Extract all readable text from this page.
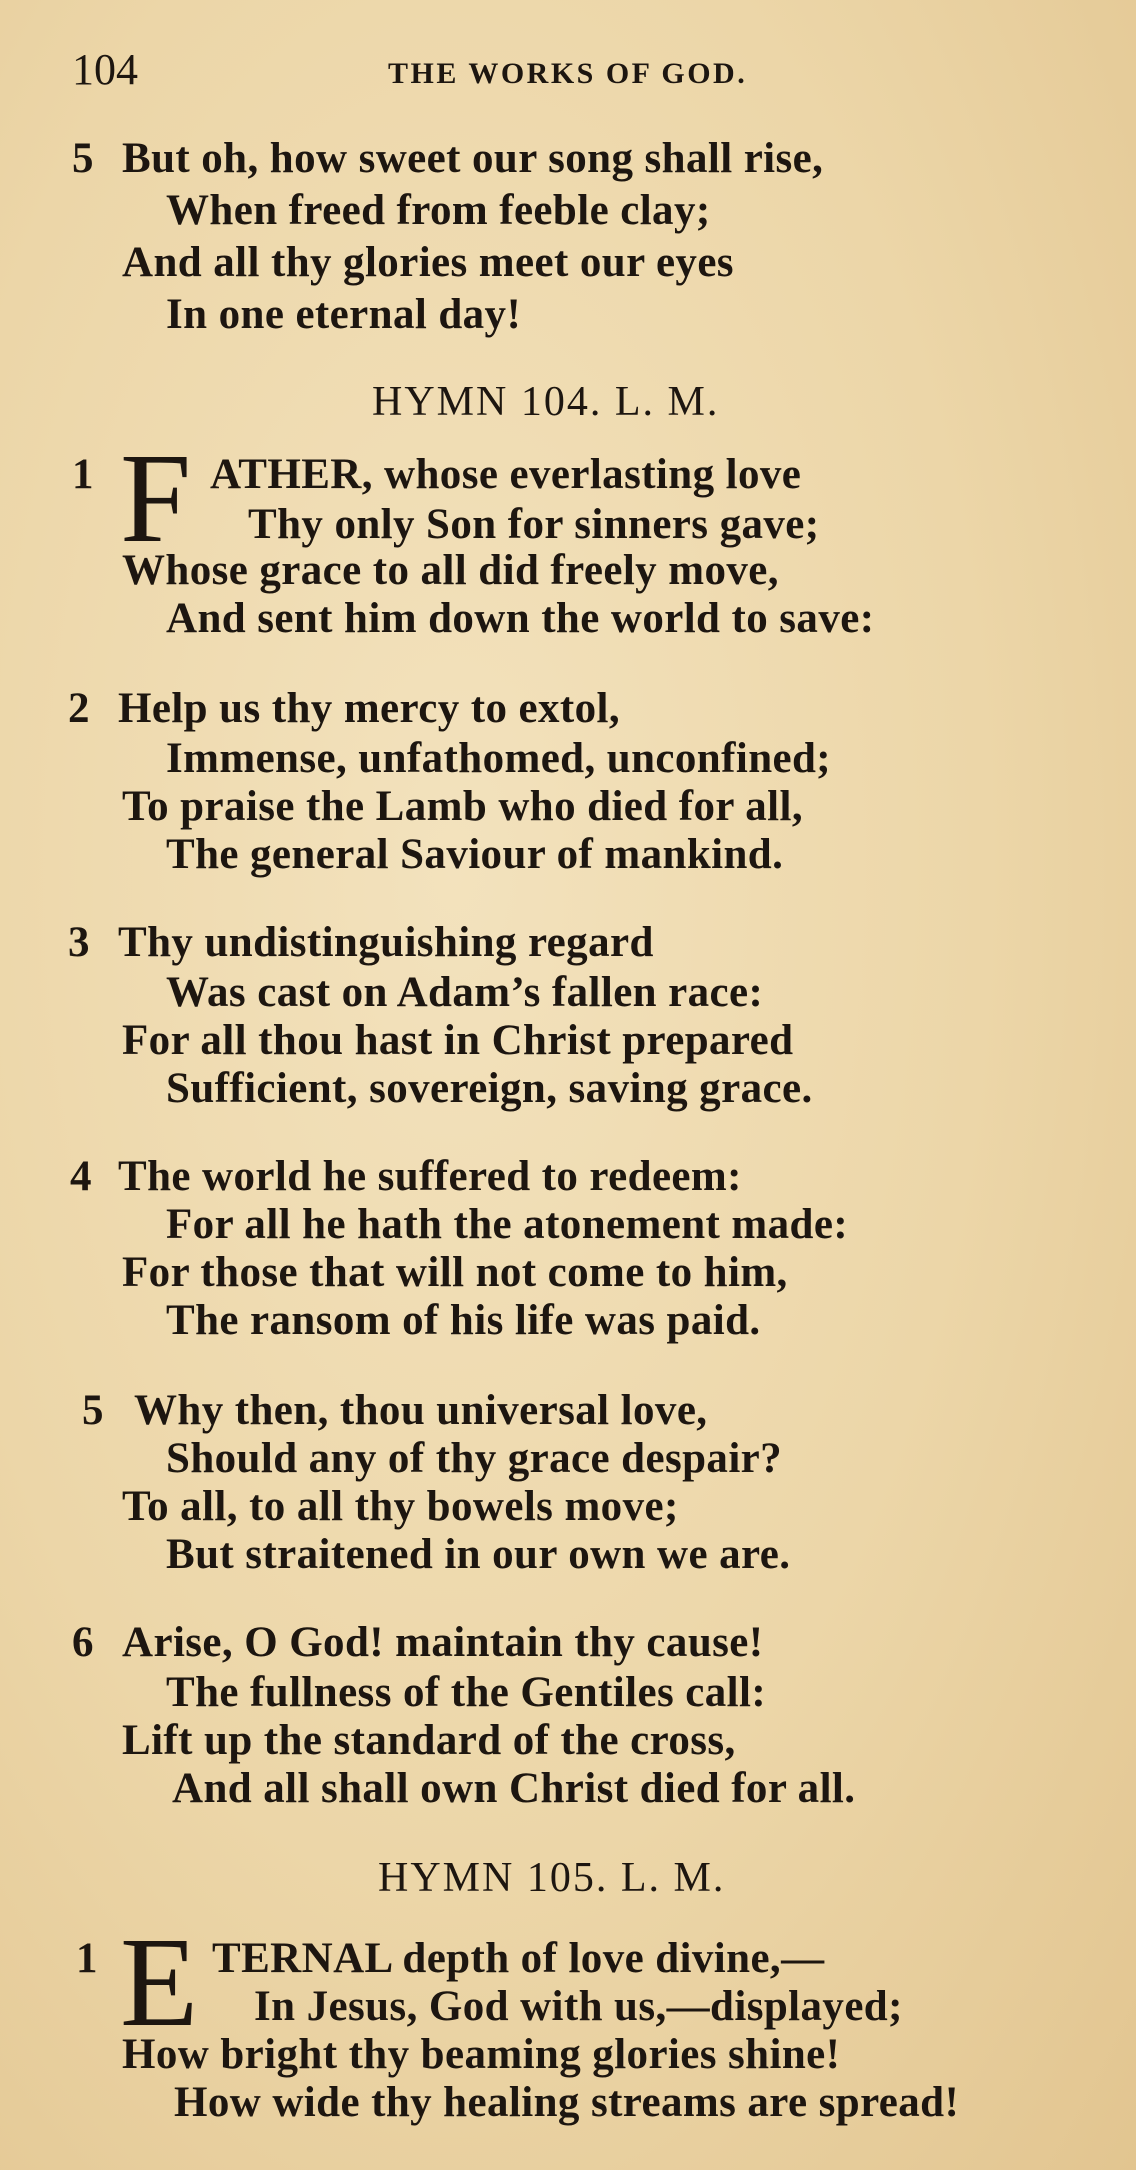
104	THE WORKS OF GOD.
5 But oh, how sweet our song shall rise,
When freed from feeble clay;
And all thy glories meet our eyes
In one eternal day!
HYMN 104. L. M.
1 F ATHER, whose everlasting love
Thy only Son for sinners gave;
Whose grace to all did freely move,
And sent him down the world to save:
2 Help us thy mercy to extol,
Immense, unfathomed, unconfined;
To praise the Lamb who died for all,
The general Saviour of mankind.
3 Thy undistinguishing regard
Was cast on Adam’s fallen race:
For all thou hast in Christ prepared
Sufficient, sovereign, saving grace.
4 The world he suffered to redeem:
For all he hath the atonement made:
For those that will not come to him,
The ransom of his life was paid.
5 Why then, thou universal love,
Should any of thy grace despair?
To all, to all thy bowels move;
But straitened in our own we are.
6 Arise, O God! maintain thy cause!
The fullness of the Gentiles call:
Lift up the standard of the cross,
And all shall own Christ died for all.
HYMN 105. L. M.
1 E TERNAL depth of love divine,—
In Jesus, God with us,—displayed;
How bright thy beaming glories shine!
How wide thy healing streams are spread!
